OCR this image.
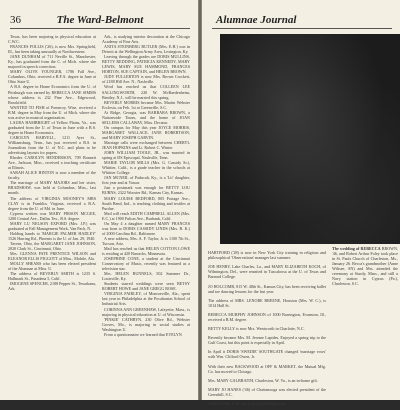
36	The Ward-Belmont

Texas, has been majoring in physical education at C.W.C.

FRANCES FOLLIS ('26), is now Mrs. Springfield, Ill., has been taking unusually at Northwestern.

JANE DUNHAM of 711 Neville St., Manchester, Ky., has graduated from the C. of Mich. where she majored in speech correction.

MARY OLIVE YOUNGER, 1786 Fall Ave., Columbus, Ohio, received a B.F.A. degree in June at Ohio State U.

A B.S. degree in Home Economics from the U. of Pittsburgh was earned by REBECCA JANE SIMMS whose address is 232 Pine Ave., Edgewood, Brookfield.

WANTED TO FISH of Pomeroy, Wise, received a B.M. degree in May from the U. of Mich. where she was active in musical organization.

LAURA HAMBRIGHT of Yellow Plains, Va., was graduated from the U. of Texas in June with a B.S. degree in Home Economics.

CAROLYN HARVELL, 1211 Ayer St., Williamsburg, Tenn., has just received a B.S. in Journalism from the U. of N.C. and plans to be advertising layouts for papers.

Rhodes CAROLYN HENDERSON, 709 Bonnett Ave., Jackson, Miss., received a teaching certificate at Illinois.

SARAH ALICE HINTON is now a member of the faculty.

The marriage of MARY MAJORS and her sister, BRADSHAW, was held at Columbus, Miss., last month.

The address of VIRGINIA MOONEY'S MRS CLAY is in Franklin, Virginia, received a B.A. degree from the U. of Md. in June.

Cypress written was MARY PIRSON MCGEE, 1200 Central Ave., Dallas Tex., B.S. degree.

MARY LU NELSON EXFORD (Mrs. J.P.) was graduated at Fall Management Work, Van Pach, N.

Holding hands to 'MARGIE PALMER HADLEY' 1526 Harring Rd., Phoenix is the U. of Jan. 29, 1940.

Tavern, Ohio, the MARGARET JANE JOHNSON, 2020 Clark St., Cincinnati, Ohio.

Mrs. GLENNA PATE PRENTICE WILSON and ELEANOR ELLIS PIGGOTT of Miss., Mobile, Ala.

MOLLY SHEARS who has been elected president of the Alumnae at Miss. U.

The address of BEVERLY SMITH is 1235 S. Hallmark St., Pasadena 5, Calif.

IMOGENE SPENCER, 2188 Pepper St., Texarkana, Ark.

Ark., is studying interior decoration at the Chicago Academy of Fine Arts.

ANITA STEINBERG BUTLER (Mrs. E.H.) was in Detroit at the Wellington Army Area, Lexington, Ky.

Leaving through the grades are DORIS MULLINS, BETTY REDDING, PATRICIA KENNEDY, MARY LEWIS, MARY SUE HAMMOND, FRANCES HORTON, SUE CAPTAIN, and HELEN BROWN.

JUDY FULLERTON is now Mrs. Brown Crockett, of 2188 Hill Ave. N., Nashville.

Word has reached us that COLLEEN LEE SALLINGWORTH, 220 W. McRaedenheim, Bentley, N.J., will be married this spring.

BEVERLY MORRIS became Mrs. Martin Webster Ecclesia, on Feb. 1st at Greenville, S.C.

At Ridge, Georgia, was BARBARA BROWN, a Nationwide Times, and the home of JOAN SELLERS CALLAWAY, Miss. Decatur.

On campus for May this year JOYCE MORRIS, MARGARET WALLACE, JANE ROBERTSON, and MARY JOSEPH GARVIN.

Marriage calls were exchanged between CHERYL JEAN HOPKINS and Lt. Robert C. Winter.

JOHN WILLIAM TOOLE, JR., was married in spring at DS Episcopal, Nashville, Tenn.

MARIE TAYLOR MILLS (Mrs. G. Cassidy Sr.), Whittier, Calif., is a grade teacher in the schools at Whittier College.

JAN MCNEIL of Paducah, Ky., is a 'Lit' daughter, first year and at Vassar.

Just a postmark was enough for BETTY LOU BURNS, 2322 Wooster Rd., Kansas City, Kansas.

MARY LOUISE BEDFORD, 805 Portage Ave., South Bend, Ind., is teaching clothing and textiles at Purdue.

Mail will reach EDITH CAMPBELL ALLEN (Mrs. E.C.) at 1900 Fulton Ave., Burbank, Calif.

On May 4 a daughter named MARY FRANCES was born to DORIS CASSIDY LINDS (Mrs. R. K.) of 2000 Carolina Rd., Baltimore.

A new address, Mrs. A. F. Taylor, Jr. is 1100 7th St., Tucson, Ariz.

Mail has reached us that HELEN COTTON LOWE is residing at 420 Barracks, Minnesota.

JOSEPHINE CONE, a student at the Cincinnati Conservatory of Music, recently was featured as a television star.

Mrs. HELEN RUNNELS, 502 Summer Dr., Louisville, Ky.

Students starred weddings were seen BETSY ROBERT HOWE and JANE GREGG ROSE.

VIRGINIA FAIRLEY, of Monroeville, Ala., spent last year in Philadelphia at the Pocahontas School of Industrial Arts.

CORINNA ANN GREENHAW, Lafayette, Mass., is majoring in physical education at U. of Wisconsin.

'PINKIE' CATHRYN, 230 Olive Rd., Webster Groves, Mo., is majoring in social studies at Washington U.

From a questionnaire we learned that EVELYN

Alumnae Journal
The wedding of REBECCA BROWN, '46, and Robert Arthur Foley took place in St. Pauls Church of Charleston, Ms., January 26. Becca's grandmother (Anne Wiltsee, SN) and Mrs. attended the ceremony at Sturdy, Mass., and still a Navy station in Cyprus (Pa.), Charleston, S.C.

HARTFORD ('28) is now in New York City training in religious and philosophical 'Observations' manager last summer.

JOE HENRY, Lake Charles, La., and MARY ELIZABETH KOCH, of Wilmington, Del., were reunited in Tuscaloosa at the U. of Texas and Barnard College.

JO HOLCOMB, 815 W. 48th St., Kansas City, has been receiving ballet and toe dancing lessons for the last year.

The address of MRS. LENORE BREENE, Houston (Mrs. W. C.), is 1014 Hall St.

REBECCA MURPHY JOHNSON of 1000 Barrington, Evanston, Ill., received a B.M. degree.

BETTY KELLY is now Mrs. Wentworth in Charlotte, N.C.

Recently became Mrs. M. Jerome Lapides, Enjoyed a spring trip to the Gulf Coast, but this point is especially in April.

In April it DORIS 'SWEDIE' SOUTHGATE changed 'marriage vows' with Wm. Clifford Owen, Jr.

With their new BACKWOOD at OFF & MARKET, the Mutual Mfg. Co. has moved to Chicago.

Mrs. MARY GALBRAITH, Charleston, W. Va., is an in-home gift.

MARY JO HANES ('46) of Chattanooga was elected president of the Greenhill, S.C.

JAMES (Mrs. J. H., Jr.) is living at Ridgewood.
